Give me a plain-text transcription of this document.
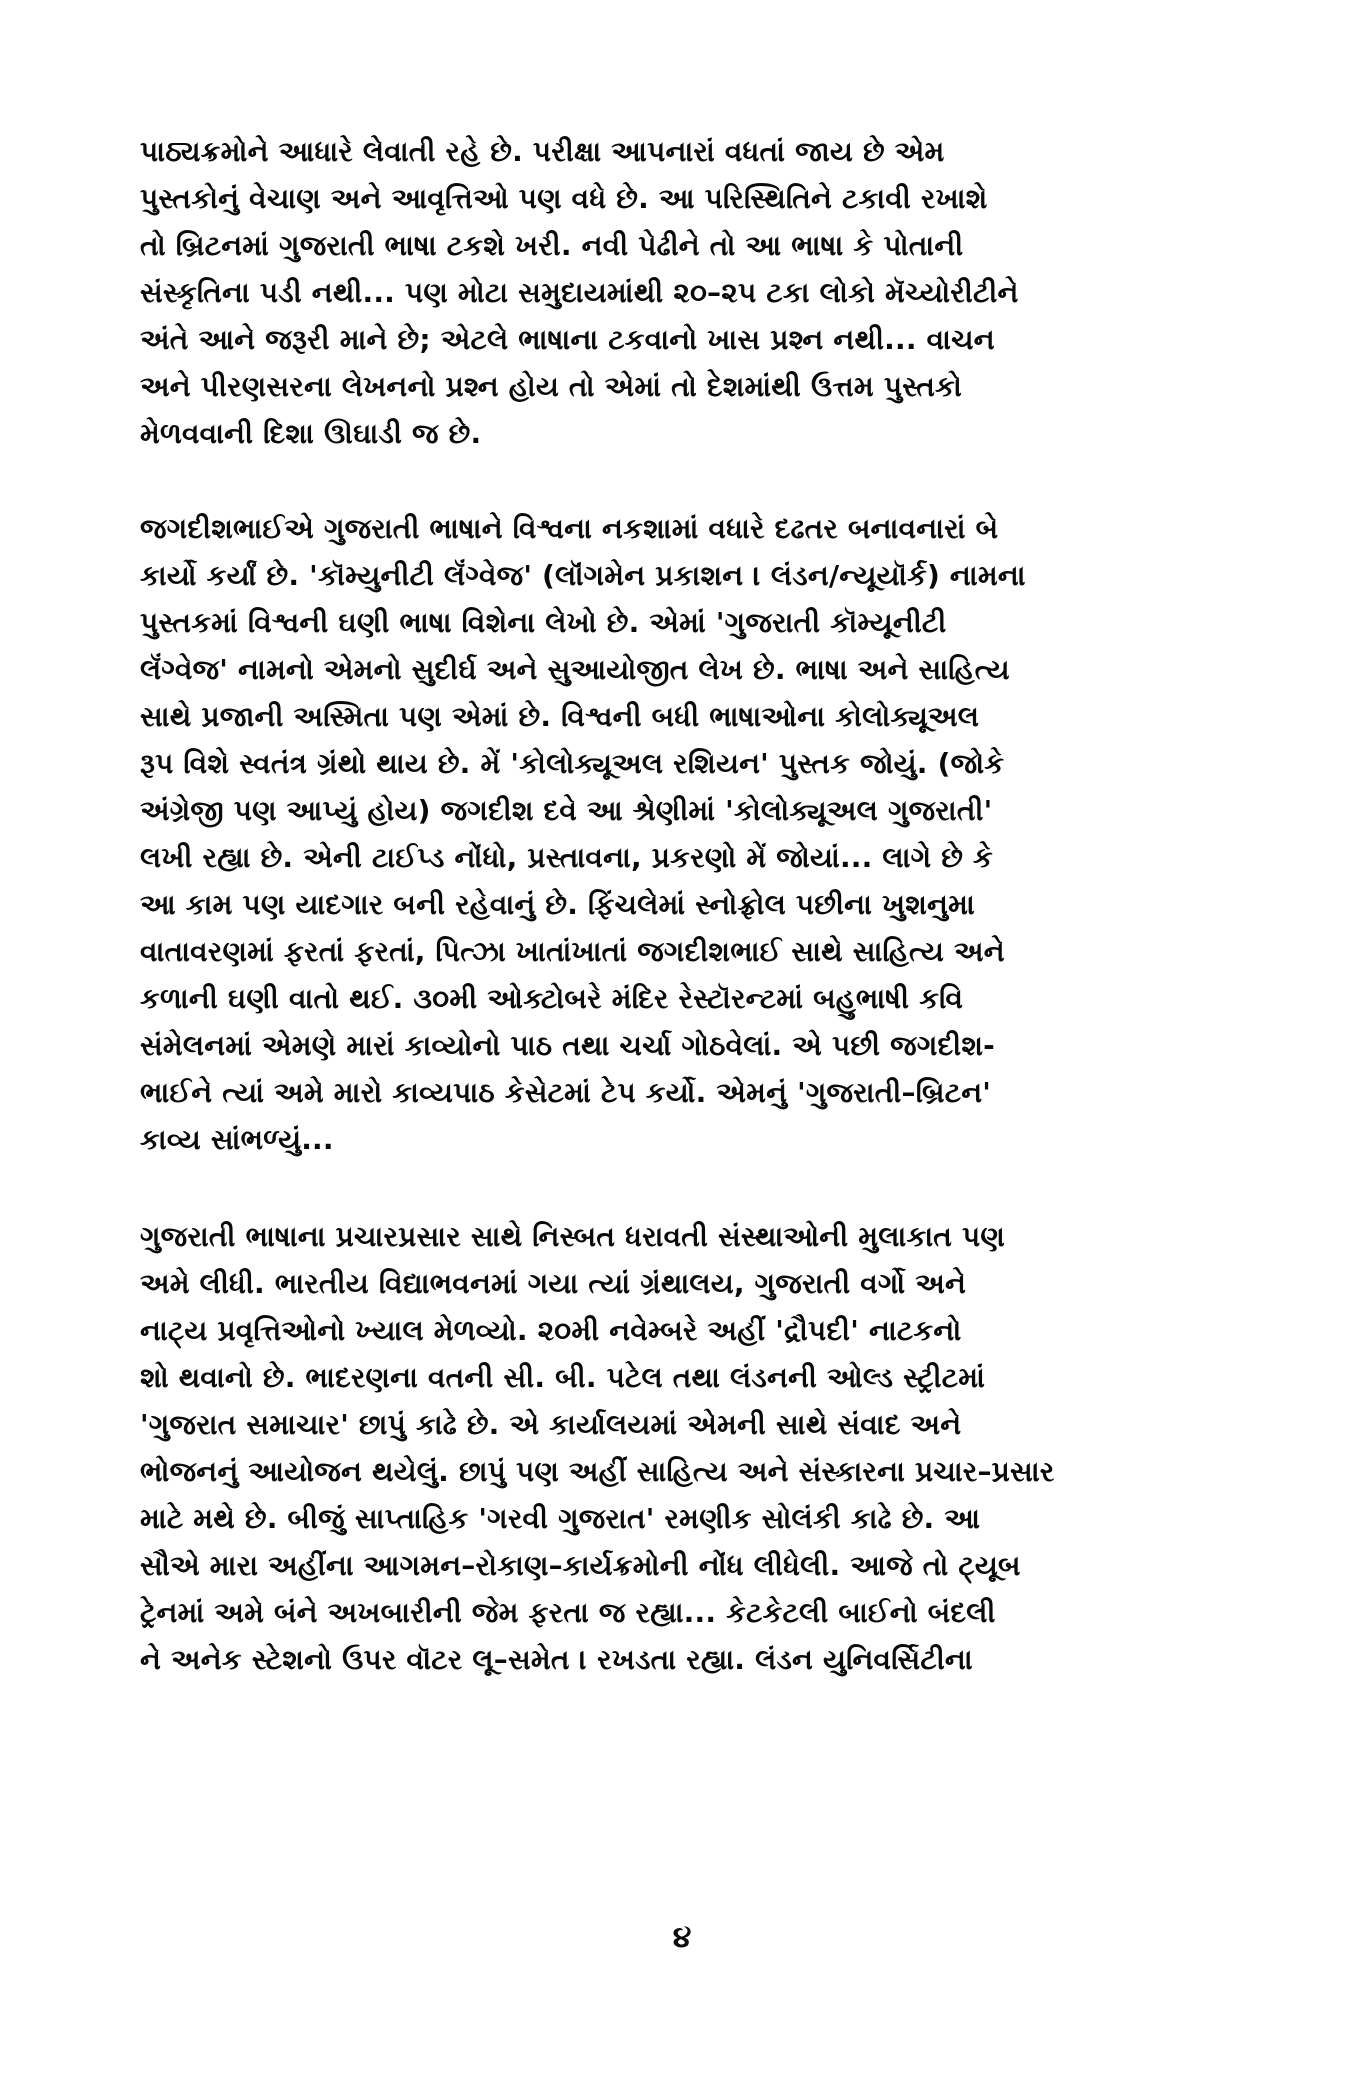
પાઠ્યક્રમોને આધારે લેવાતી રહે છે. પરીક્ષા આપનારાં વધતાં જાય છે એમ
પુસ્તકોનું વેચાણ અને આવૃત્તિઓ પણ વધે છે. આ પરિસ્થિતિને ટકાવી રખાશે
તો બ્રિટનમાં ગુજરાતી ભાષા ટકશે ખરી. નવી પેઢીને તો આ ભાષા કે પોતાની
સંસ્કૃતિના પડી નથી... પણ મોટા સમુદાયમાંથી ૨૦–૨૫ ટકા લોકો મૅચ્યોરીટીને
અંતે આને જરૂરી માને છે; એટલે ભાષાના ટકવાનો ખાસ પ્રશ્ન નથી... વાચન
અને પીરણસરના લેખનનો પ્રશ્ન હોય તો એમાં તો દેશમાંથી ઉત્તમ પુસ્તકો
મેળવવાની દિશા ઊઘાડી જ છે.
જગદીશભાઈએ ગુજરાતી ભાષાને વિશ્વના નકશામાં વધારે દઢતર બનાવનારાં બે
કાર્યો કર્યાં છે. 'કૉમ્યુનીટી લૅંગ્વેજ' (લૉંગમેન પ્રકાશન । લંડન/ન્યૂયૉર્ક) નામના
પુસ્તકમાં વિશ્વની ઘણી ભાષા વિશેના લેખો છે. એમાં 'ગુજરાતી કૉમ્યૂનીટી
લૅંગ્વેજ' નામનો એમનો સુદીર્ઘ અને સુઆયોજીત લેખ છે. ભાષા અને સાહિત્ય
સાથે પ્રજાની અસ્મિતા પણ એમાં છે. વિશ્વની બધી ભાષાઓના કોલોક્યૂઅલ
રૂપ વિશે સ્વતંત્ર ગ્રંથો થાય છે. મેં 'કોલોક્યૂઅલ રશિયન' પુસ્તક જોયું. (જોકે
અંગ્રેજી પણ આપ્યું હોય) જગદીશ દવે આ શ્રેણીમાં 'કોલોક્યૂઅલ ગુજરાતી'
લખી રહ્યા છે. એની ટાઈપ્ડ નોંધો, પ્રસ્તાવના, પ્રકરણો મેં જોયાં... લાગે છે કે
આ કામ પણ યાદગાર બની રહેવાનું છે. ફિંચલેમાં સ્નોફ્રોલ પછીના ખુશનુમા
વાતાવરણમાં ફરતાં ફરતાં, પિત્ઝા ખાતાંખાતાં જગદીશભાઈ સાથે સાહિત્ય અને
કળાની ઘણી વાતો થઈ. ૩૦મી ઓક્ટોબરે મંદિર રેસ્ટૉરન્ટમાં બહુભાષી કવિ
સંમેલનમાં એમણે મારાં કાવ્યોનો પાઠ તથા ચર્ચા ગોઠવેલાં. એ પછી જગદીશ-
ભાઈને ત્યાં અમે મારો કાવ્યપાઠ કેસેટમાં ટેપ કર્યો. એમનું 'ગુજરાતી–બ્રિટન'
કાવ્ય સાંભળ્યું...
ગુજરાતી ભાષાના પ્રચારપ્રસાર સાથે નિસ્બત ધરાવતી સંસ્થાઓની મુલાકાત પણ
અમે લીધી. ભારતીય વિદ્યાભવનમાં ગયા ત્યાં ગ્રંથાલય, ગુજરાતી વર્ગો અને
નાટ્ય પ્રવૃત્તિઓનો ખ્યાલ મેળવ્યો. ૨૦મી નવેમ્બરે અહીં 'દ્રૌપદી' નાટકનો
શો થવાનો છે. ભાદરણના વતની સી. બી. પટેલ તથા લંડનની ઓલ્ડ સ્ટ્રીટમાં
'ગુજરાત સમાચાર' છાપું કાઢે છે. એ કાર્યાલયમાં એમની સાથે સંવાદ અને
ભોજનનું આયોજન થયેલું. છાપું પણ અહીં સાહિત્ય અને સંસ્કારના પ્રચાર–પ્રસાર
માટે મથે છે. બીજું સાપ્તાહિક 'ગરવી ગુજરાત' રમણીક સોલંકી કાઢે છે. આ
સૌએ મારા અહીંના આગમન–રોકાણ–કાર્યક્રમોની નોંધ લીધેલી. આજે તો ટ્યૂબ
ટ્રેનમાં અમે બંને અખબારીની જેમ ફરતા જ રહ્યા... કેટકેટલી બાઈનો બંદલી
ને અનેક સ્ટેશનો ઉપર વૉટર લૂ–સમેત । રખડતા રહ્યા. લંડન યુનિવર્સિટીના
૪
